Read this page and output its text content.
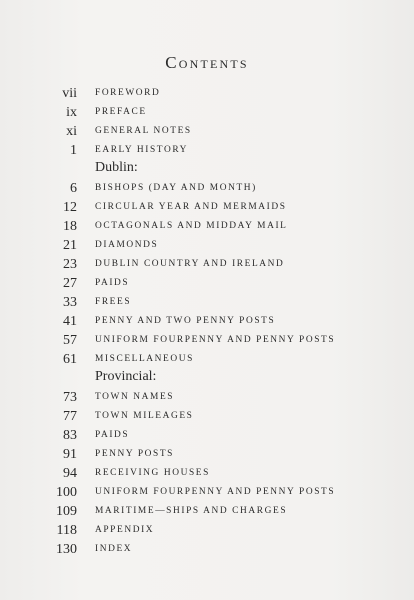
Contents
vii FOREWORD
ix PREFACE
xi GENERAL NOTES
1 EARLY HISTORY
Dublin:
6 BISHOPS (DAY AND MONTH)
12 CIRCULAR YEAR AND MERMAIDS
18 OCTAGONALS AND MIDDAY MAIL
21 DIAMONDS
23 DUBLIN COUNTRY AND IRELAND
27 PAIDS
33 FREES
41 PENNY AND TWO PENNY POSTS
57 UNIFORM FOURPENNY AND PENNY POSTS
61 MISCELLANEOUS
Provincial:
73 TOWN NAMES
77 TOWN MILEAGES
83 PAIDS
91 PENNY POSTS
94 RECEIVING HOUSES
100 UNIFORM FOURPENNY AND PENNY POSTS
109 MARITIME—SHIPS AND CHARGES
118 APPENDIX
130 INDEX
